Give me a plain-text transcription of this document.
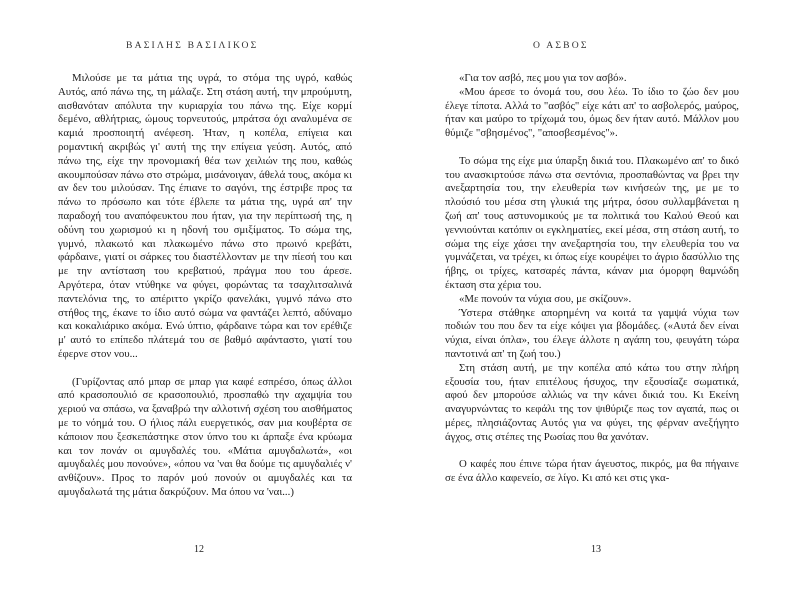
ΒΑΣΙΛΗΣ ΒΑΣΙΛΙΚΟΣ

Μιλούσε με τα μάτια της υγρά, το στόμα της υγρό, καθώς Αυτός, από πάνω της, τη μάλαζε. Στη στάση αυτή, την μπρούμυτη, αισθανόταν απόλυτα την κυριαρχία του πάνω της. Είχε κορμί δεμένο, αθλήτριας, ώμους τορνευτούς, μπράτσα όχι αναλυμένα σε καμιά προσποιητή ανέφεση. Ήταν, η κοπέλα, επίγεια και ρομαντική ακριβώς γι' αυτή της την επίγεια γεύση. Αυτός, από πάνω της, είχε την προνομιακή θέα των χειλιών της που, καθώς ακουμπούσαν πάνω στο στρώμα, μισάνοιγαν, άθελά τους, ακόμα κι αν δεν του μιλούσαν. Της έπιανε το σαγόνι, της έστριβε προς τα πάνω το πρόσωπο και τότε έβλεπε τα μάτια της, υγρά απ' την παραδοχή του αναπόφευκτου που ήταν, για την περίπτωσή της, η οδύνη του χωρισμού κι η ηδονή του σμιξίματος. Το σώμα της, γυμνό, πλακωτό και πλακωμένο πάνω στο πρωινό κρεβάτι, φάρδαινε, γιατί οι σάρκες του διαστέλλονταν με την πίεσή του και με την αντίσταση του κρεβατιού, πράγμα που του άρεσε. Αργότερα, όταν ντύθηκε να φύγει, φορώντας τα τσαχλιτσαλινά παντελόνια της, το απέριττο γκρίζο φανελάκι, γυμνό πάνω στο στήθος της, έκανε το ίδιο αυτό σώμα να φαντάζει λεπτό, αδύναμο και κοκαλιάρικο ακόμα. Ενώ ύπτιο, φάρδαινε τώρα και τον ερέθιζε μ' αυτό το επίπεδο πλάτεμά του σε βαθμό αφάνταστο, γιατί του έφερνε στον νου...

(Γυρίζοντας από μπαρ σε μπαρ για καφέ εσπρέσο, όπως άλλοι από κρασοπουλιό σε κρασοπουλιό, προσπαθώ την αχαμψία του χεριού να σπάσω, να ξαναβρώ την αλλοτινή σχέση του αισθήματος με το νόημά του. Ο ήλιος πάλι ευεργετικός, σαν μια κουβέρτα σε κάποιον που ξεσκεπάστηκε στον ύπνο του κι άρπαξε ένα κρύωμα και τον πονάν οι αμυγδαλές του. «Μάτια αμυγδαλωτά», «οι αμυγδαλές μου πονούνε», «όπου να 'ναι θα δούμε τις αμυγδαλιές ν' ανθίζουν». Προς το παρόν μού πονούν οι αμυγδαλές και τα αμυγδαλωτά της μάτια δακρύζουν. Μα όπου να 'ναι...)

12
Ο ΑΣΒΟΣ

«Για τον ασβό, πες μου για τον ασβό».

«Μου άρεσε το όνομά του, σου λέω. Το ίδιο το ζώο δεν μου έλεγε τίποτα. Αλλά το "ασβός" είχε κάτι απ' το ασβολερός, μαύρος, ήταν και μαύρο το τρίχωμά του, όμως δεν ήταν αυτό. Μάλλον μου θύμιζε "σβησμένος", "αποσβεσμένος"».

Το σώμα της είχε μια ύπαρξη δικιά του. Πλακωμένο απ' το δικό του ανασκιρτούσε πάνω στα σεντόνια, προσπαθώντας να βρει την ανεξαρτησία του, την ελευθερία των κινήσεών της, με με το πλούσιό του μέσα στη γλυκιά της μήτρα, όσου συλλαμβάνεται η ζωή απ' τους αστυνομικούς με τα πολιτικά του Καλού Θεού και γεννιούνται κατόπιν οι εγκληματίες, εκεί μέσα, στη στάση αυτή, το σώμα της είχε χάσει την ανεξαρτησία του, την ελευθερία του να γυμνάζεται, να τρέχει, κι όπως είχε κουρέψει το άγριο δασύλλιο της ήβης, οι τρίχες, κατσαρές πάντα, κάναν μια όμορφη θαμνώδη έκταση στα χέρια του.

«Με πονούν τα νύχια σου, με σκίζουν».

Ύστερα στάθηκε απορημένη να κοιτά τα γαμψά νύχια των ποδιών του που δεν τα είχε κόψει για βδομάδες. («Αυτά δεν είναι νύχια, είναι όπλα», του έλεγε άλλοτε η αγάπη του, φευγάτη τώρα παντοτινά απ' τη ζωή του.)

Στη στάση αυτή, με την κοπέλα από κάτω του στην πλήρη εξουσία του, ήταν επιτέλους ήσυχος, την εξουσίαζε σωματικά, αφού δεν μπορούσε αλλιώς να την κάνει δικιά του. Κι Εκείνη αναγυρνώντας το κεφάλι της τον ψιθύριζε πως τον αγαπά, πως οι μέρες, πλησιάζοντας Αυτός για να φύγει, της φέρναν ανεξήγητο άγχος, στις στέπες της Ρωσίας που θα χανόταν.

Ο καφές που έπινε τώρα ήταν άγευστος, πικρός, μα θα πήγαινε σε ένα άλλο καφενείο, σε λίγο. Κι από κει στις γκα-

13
